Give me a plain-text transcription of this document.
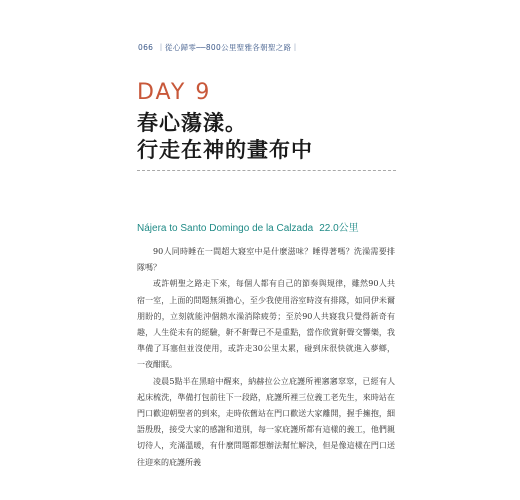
066 ｜從心歸零──800公里聖雅各朝聖之路｜
DAY 9
春心蕩漾。
行走在神的畫布中
Nájera to Santo Domingo de la Calzada 22.0公里

90人同時睡在一間超大寢室中是什麼滋味？睡得著嗎？洗澡需要排隊嗎？

或許朝聖之路走下來，每個人都有自己的節奏與規律，雖然90人共宿一室，上面的問題無須擔心，至少我使用浴室時沒有排隊，如同伊米爾朋盼的，立刻就能沖個熱水澡消除疲勞；至於90人共寢我只覺得新奇有趣，人生從未有的經驗，鼾不鼾聲已不是重點，當作欣賞鼾聲交響樂，我準備了耳塞但並沒使用，或許走30公里太累，碰到床很快就進入夢鄉，一夜酣眠。

凌晨5點半在黑暗中醒來，納赫拉公立庇護所裡窸窸窣窣，已經有人起床梳洗，準備打包前往下一段路，庇護所裡三位義工老先生，來時站在門口歡迎朝聖者的到來，走時依舊站在門口歡送大家離開，握手擁抱，細語殷殷，接受大家的感謝和道別，每一家庇護所都有這樣的義工，他們親切待人，充滿溫暖，有什麼問題都想辦法幫忙解決，但是像這樣在門口送往迎來的庇護所義
